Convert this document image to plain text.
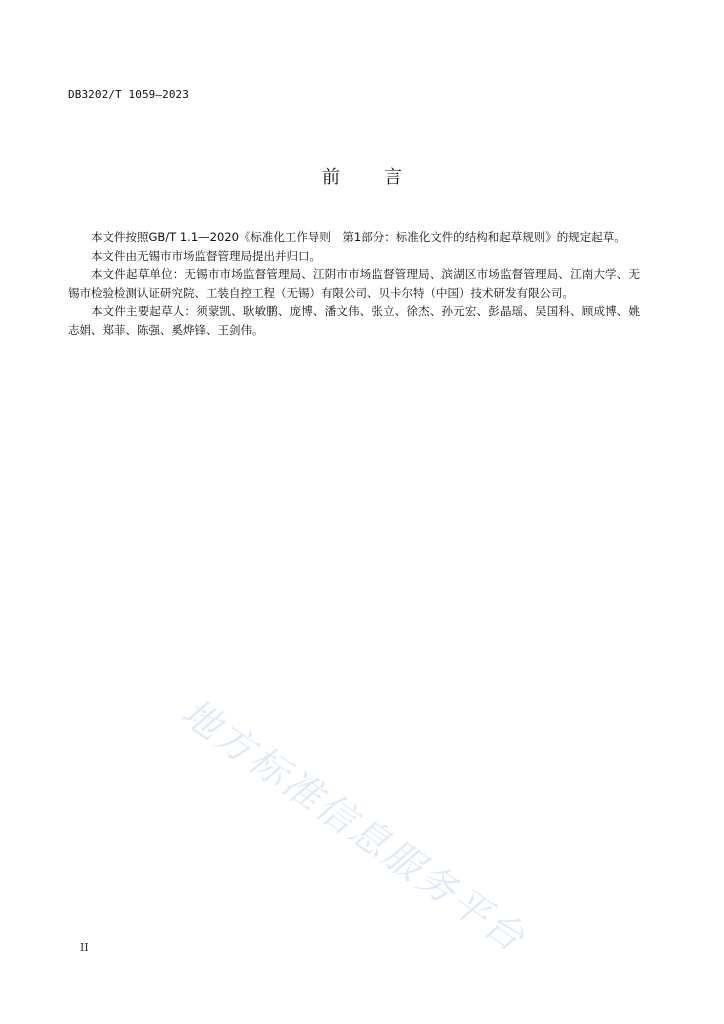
DB3202/T 1059—2023
前言

本文件按照GB/T 1.1—2020《标准化工作导则　第1部分：标准化文件的结构和起草规则》的规定起草。

本文件由无锡市市场监督管理局提出并归口。

本文件起草单位：无锡市市场监督管理局、江阴市市场监督管理局、滨湖区市场监督管理局、江南大学、无锡市检验检测认证研究院、工装自控工程（无锡）有限公司、贝卡尔特（中国）技术研发有限公司。

本文件主要起草人：须蒙凯、耿敏鹏、庞博、潘文伟、张立、徐杰、孙元宏、彭晶瑶、吴国科、顾成博、姚志娟、郑菲、陈强、奚烨锋、王剑伟。

地方标准信息服务平台
II
